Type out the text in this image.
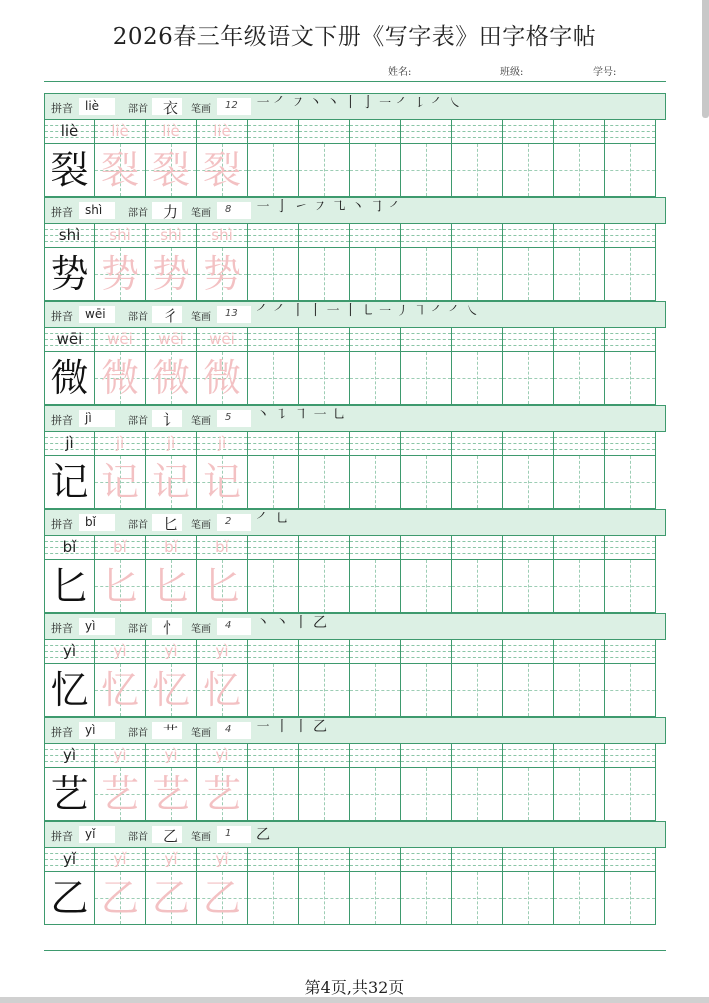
2026春三年级语文下册《写字表》田字格字帖
姓名:	班级:	学号:
拼音 liè	部首 衣 笔画 12 ㇐ ㇒ ㇇ 丶 丶 丨 亅 ㇐ ㇒ ㇙ ㇒ ㇏
liè	liè	liè	liè
裂 裂 裂 裂
拼音 shì	部首 力 笔画 8 ㇐ 亅 ㇀ ㇇ ㇈ 丶 ㇆ ㇒
shì	shì	shì	shì
势 势 势 势
拼音 wēi 部首 彳 笔画 13 ㇒ ㇒ 丨 丨 ㇐ 丨 ㇄ ㇐ ㇓ ㇕ ㇒ ㇒ ㇏
wēi	wēi	wēi	wēi
微 微 微 微
拼音 jì	部首 讠 笔画 5 丶 ㇊ ㇕ ㇐ ㇟
jì	jì	jì	jì
记 记 记 记
拼音 bǐ	部首 匕 笔画 2 ㇒ ㇟
bǐ	bǐ	bǐ	bǐ
匕 匕 匕 匕
拼音 yì	部首 忄 笔画 4 丶 丶 丨 乙
yì	yì	yì	yì
忆 忆 忆 忆
拼音 yì	部首 艹 笔画 4 ㇐ 丨 丨 乙
yì	yì	yì	yì
艺 艺 艺 艺
拼音 yǐ	部首 乙 笔画 1 乙
yǐ	yǐ	yǐ	yǐ
乙 乙 乙 乙
第4页,共32页
